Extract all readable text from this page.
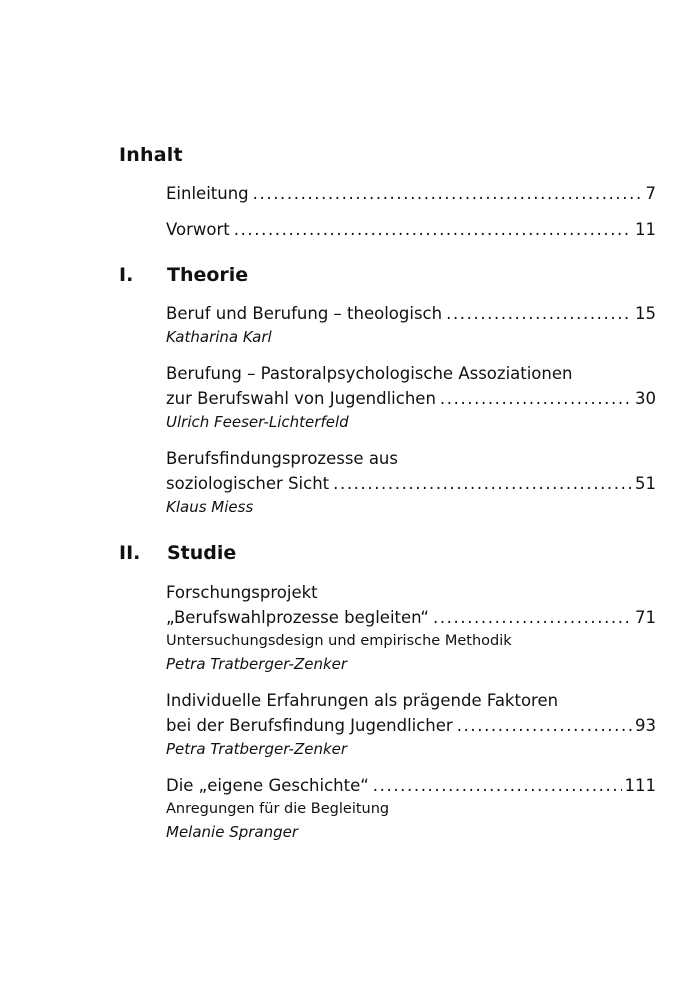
Inhalt
Einleitung .....	7
Vorwort .....	11
I. Theorie
Beruf und Berufung – theologisch .....	15
Katharina Karl
Berufung – Pastoralpsychologische Assoziationen
zur Berufswahl von Jugendlichen .....	30
Ulrich Feeser-Lichterfeld
Berufsfindungsprozesse aus
soziologischer Sicht .....	51
Klaus Miess
II. Studie
Forschungsprojekt
„Berufswahlprozesse begleiten“ .....	71
Untersuchungsdesign und empirische Methodik
Petra Tratberger-Zenker
Individuelle Erfahrungen als prägende Faktoren
bei der Berufsfindung Jugendlicher .....	93
Petra Tratberger-Zenker
Die „eigene Geschichte“ .....	111
Anregungen für die Begleitung
Melanie Spranger
